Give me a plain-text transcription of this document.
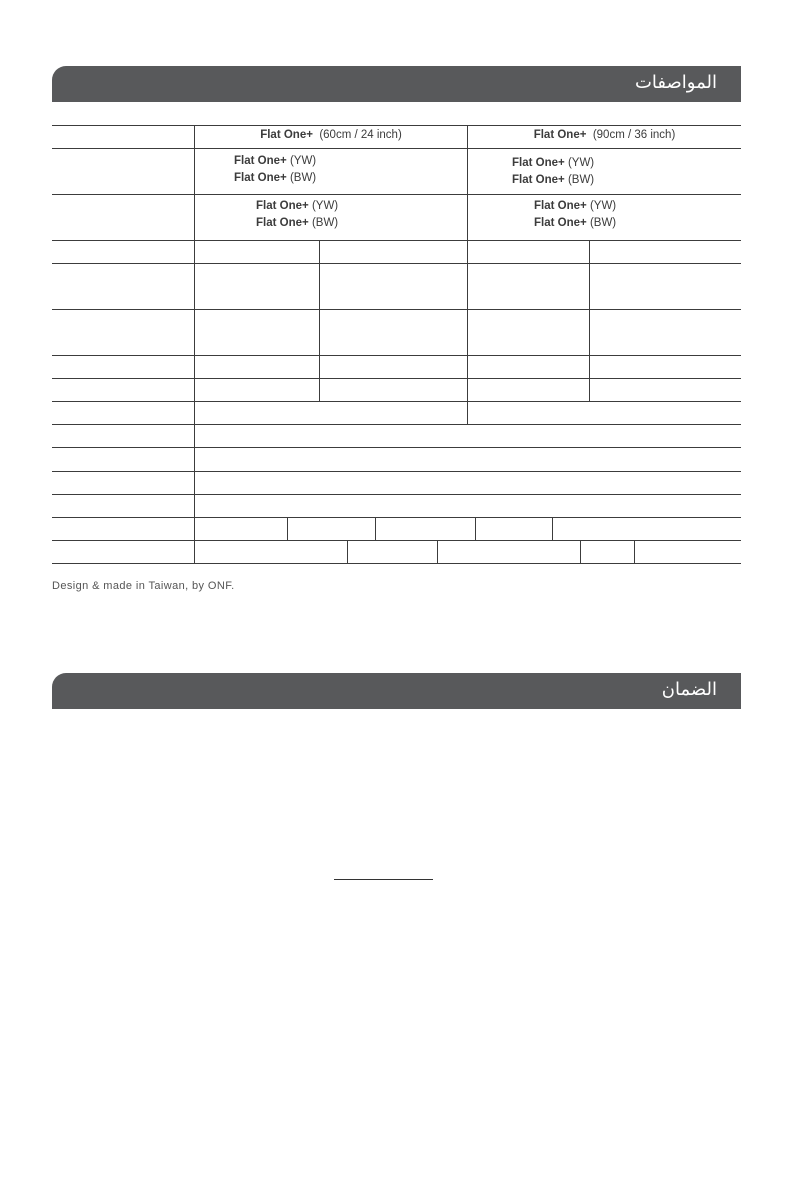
المواصفات
Flat One+ (60cm / 24 inch)	Flat One+ (90cm / 36 inch)
Flat One+ (YW)
Flat One+ (BW)
Flat One+ (YW)
Flat One+ (BW)
Flat One+ (YW)
Flat One+ (BW)
Flat One+ (YW)
Flat One+ (BW)
Design & made in Taiwan, by ONF.
الضمان
